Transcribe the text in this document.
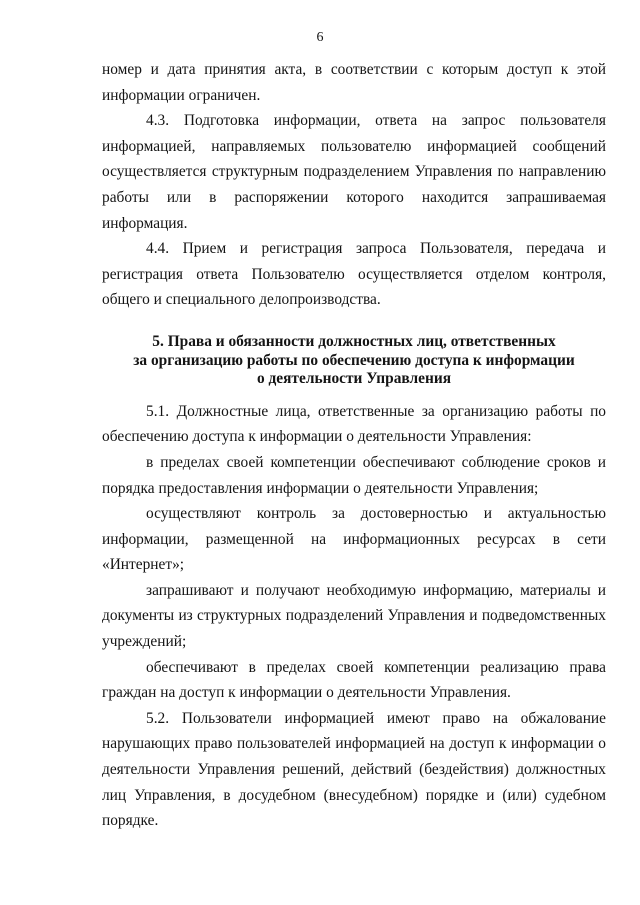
6

номер и дата принятия акта, в соответствии с которым доступ к этой информации ограничен.

4.3. Подготовка информации, ответа на запрос пользователя информацией, направляемых пользователю информацией сообщений осуществляется структурным подразделением Управления по направлению работы или в распоряжении которого находится запрашиваемая информация.

4.4. Прием и регистрация запроса Пользователя, передача и регистрация ответа Пользователю осуществляется отделом контроля, общего и специального делопроизводства.

5. Права и обязанности должностных лиц, ответственных
за организацию работы по обеспечению доступа к информации
о деятельности Управления

5.1. Должностные лица, ответственные за организацию работы по обеспечению доступа к информации о деятельности Управления:

в пределах своей компетенции обеспечивают соблюдение сроков и порядка предоставления информации о деятельности Управления;

осуществляют контроль за достоверностью и актуальностью информации, размещенной на информационных ресурсах в сети «Интернет»;

запрашивают и получают необходимую информацию, материалы и документы из структурных подразделений Управления и подведомственных учреждений;

обеспечивают в пределах своей компетенции реализацию права граждан на доступ к информации о деятельности Управления.

5.2. Пользователи информацией имеют право на обжалование нарушающих право пользователей информацией на доступ к информации о деятельности Управления решений, действий (бездействия) должностных лиц Управления, в досудебном (внесудебном) порядке и (или) судебном порядке.
